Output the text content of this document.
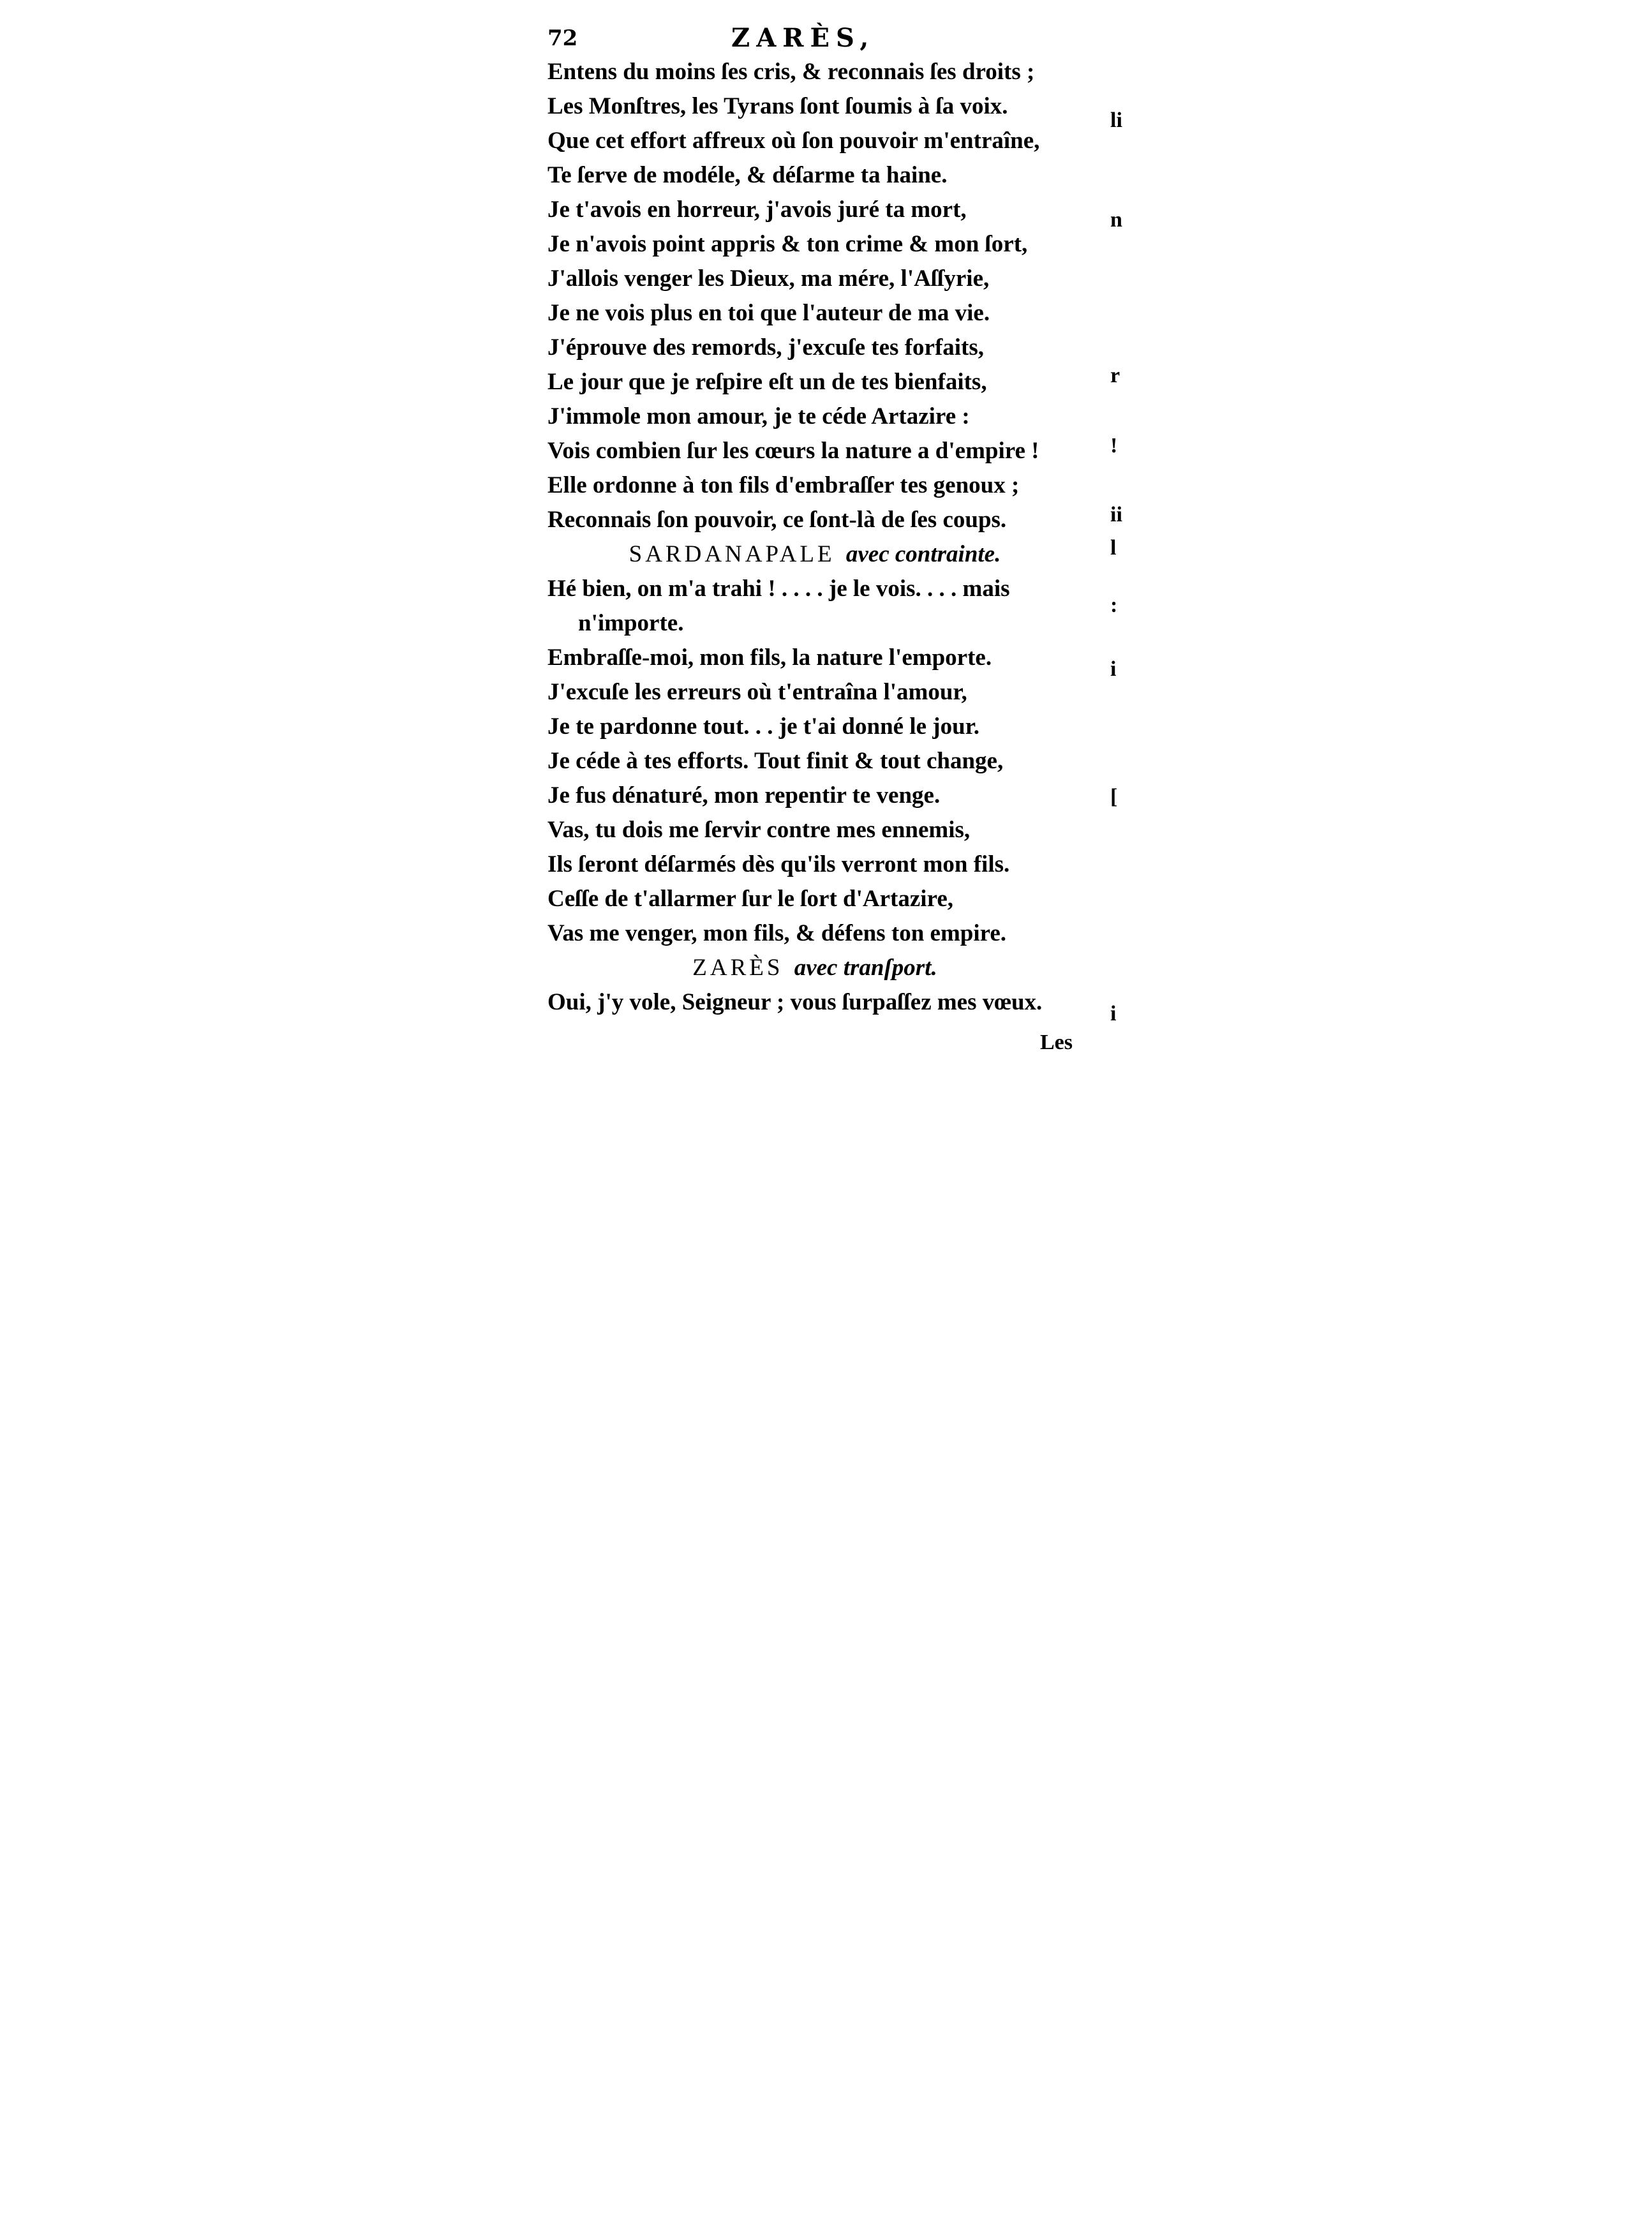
72	ZARÈS,
Entens du moins ſes cris, & reconnais ſes droits ;
Les Monſtres, les Tyrans ſont ſoumis à ſa voix.
Que cet effort affreux où ſon pouvoir m'entraîne,
Te ſerve de modéle, & déſarme ta haine.
Je t'avois en horreur, j'avois juré ta mort,
Je n'avois point appris & ton crime & mon ſort,
J'allois venger les Dieux, ma mére, l'Aſſyrie,
Je ne vois plus en toi que l'auteur de ma vie.
J'éprouve des remords, j'excuſe tes forfaits,
Le jour que je reſpire eſt un de tes bienfaits,
J'immole mon amour, je te céde Artazire :
Vois combien ſur les cœurs la nature a d'empire !
Elle ordonne à ton fils d'embraſſer tes genoux ;
Reconnais ſon pouvoir, ce ſont-là de ſes coups.
SARDANAPALE avec contrainte.
Hé bien, on m'a trahi ! . . . . je le vois. . . . mais
n'importe.
Embraſſe-moi, mon fils, la nature l'emporte.
J'excuſe les erreurs où t'entraîna l'amour,
Je te pardonne tout. . . je t'ai donné le jour.
Je céde à tes efforts. Tout finit & tout change,
Je fus dénaturé, mon repentir te venge.
Vas, tu dois me ſervir contre mes ennemis,
Ils ſeront déſarmés dès qu'ils verront mon fils.
Ceſſe de t'allarmer ſur le ſort d'Artazire,
Vas me venger, mon fils, & défens ton empire.
ZARÈS avec tranſport.
Oui, j'y vole, Seigneur ; vous ſurpaſſez mes vœux.
Les
li
n
r
!
ii
l
:
i
[
i
